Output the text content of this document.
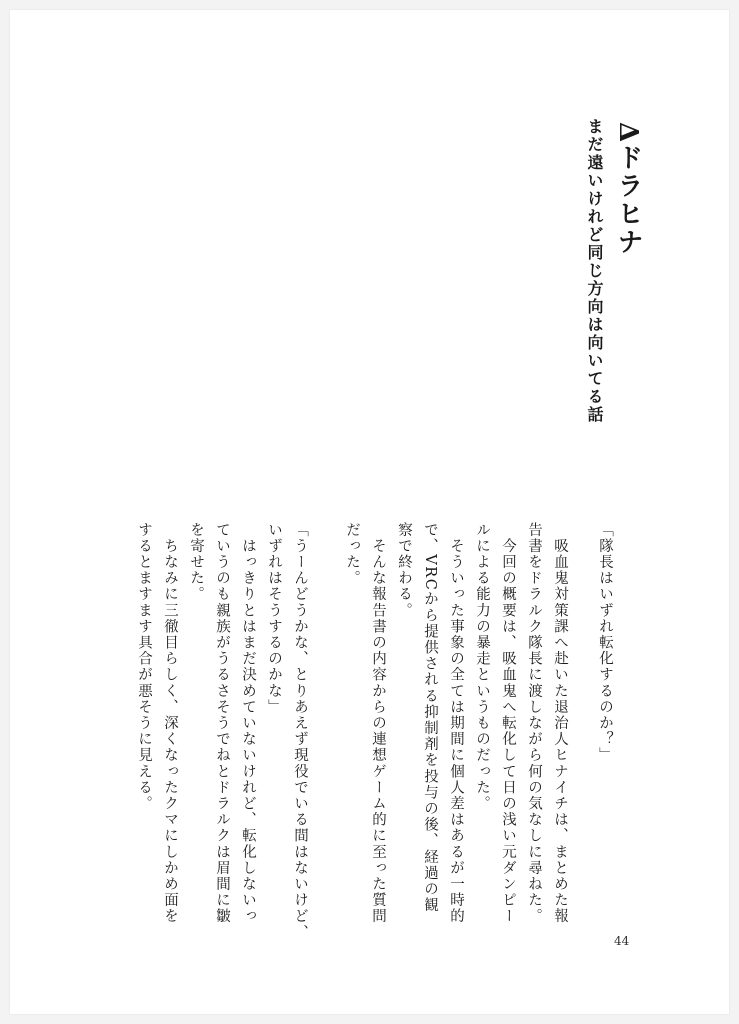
Δドラヒナ
まだ遠いけれど同じ方向は向いてる話

「隊長はいずれ転化するのか？」

　吸血鬼対策課へ赴いた退治人ヒナイチは、まとめた報

告書をドラルク隊長に渡しながら何の気なしに尋ねた。

　今回の概要は、吸血鬼へ転化して日の浅い元ダンピー

ルによる能力の暴走というものだった。

　そういった事象の全ては期間に個人差はあるが一時的

で、VRCから提供される抑制剤を投与の後、経過の観

察で終わる。

　そんな報告書の内容からの連想ゲーム的に至った質問

だった。

「うーんどうかな、とりあえず現役でいる間はないけど、

いずれはそうするのかな」

　はっきりとはまだ決めていないけれど、転化しないっ

ていうのも親族がうるさそうでねとドラルクは眉間に皺

を寄せた。

　ちなみに三徹目らしく、深くなったクマにしかめ面を

するとますます具合が悪そうに見える。

44
